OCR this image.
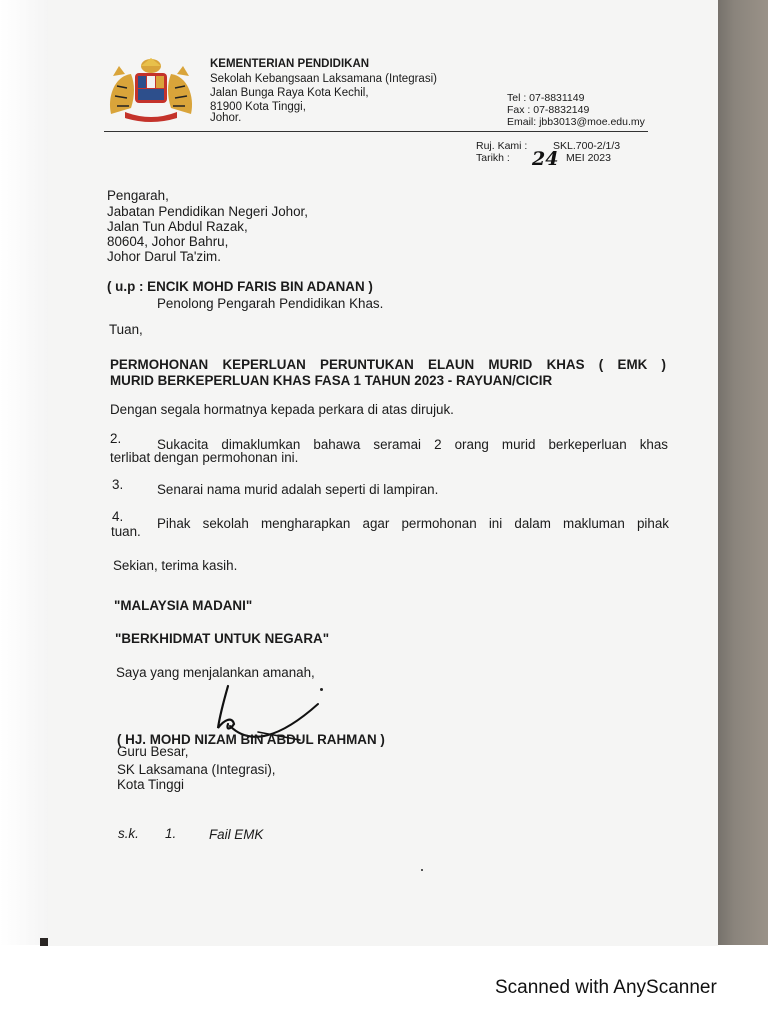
KEMENTERIAN PENDIDIKAN
Sekolah Kebangsaan Laksamana (Integrasi)
Jalan Bunga Raya Kota Kechil,
81900 Kota Tinggi,
Johor.
Tel : 07-8831149
Fax : 07-8832149
Email: jbb3013@moe.edu.my
Ruj. Kami : SKL.700-2/1/3
Tarikh : 24 MEI 2023
Pengarah,
Jabatan Pendidikan Negeri Johor,
Jalan Tun Abdul Razak,
80604, Johor Bahru,
Johor Darul Ta'zim.
( u.p : ENCIK MOHD FARIS BIN ADANAN )
Penolong Pengarah Pendidikan Khas.
Tuan,
PERMOHONAN KEPERLUAN PERUNTUKAN ELAUN MURID KHAS ( EMK )
MURID BERKEPERLUAN KHAS FASA 1 TAHUN 2023 - RAYUAN/CICIR
Dengan segala hormatnya kepada perkara di atas dirujuk.
2.	Sukacita dimaklumkan bahawa seramai 2 orang murid berkeperluan khas
terlibat dengan permohonan ini.
3.	Senarai nama murid adalah seperti di lampiran.
4.	Pihak sekolah mengharapkan agar permohonan ini dalam makluman pihak
tuan.
Sekian, terima kasih.
"MALAYSIA MADANI"
"BERKHIDMAT UNTUK NEGARA"
Saya yang menjalankan amanah,
( HJ. MOHD NIZAM BIN ABDUL RAHMAN )
Guru Besar,
SK Laksamana (Integrasi),
Kota Tinggi
s.k. 1. Fail EMK
Scanned with AnyScanner
